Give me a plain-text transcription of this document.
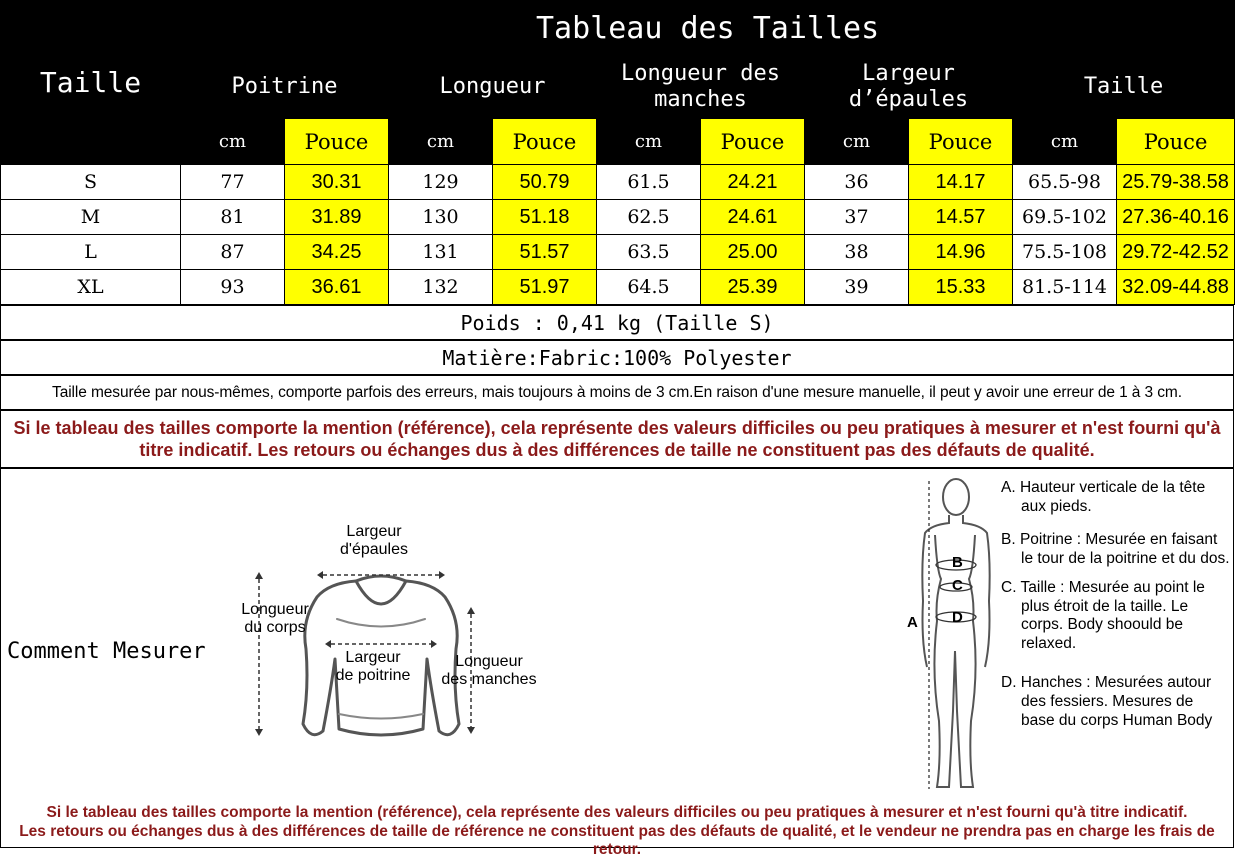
Taille	Tableau des Tailles									
	Poitrine		Longueur		Longueur des manches		Largeur d’épaules		Taille	
	cm	Pouce	cm	Pouce	cm	Pouce	cm	Pouce	cm	Pouce
S	77	30.31	129	50.79	61.5	24.21	36	14.17	65.5-98	25.79-38.58
M	81	31.89	130	51.18	62.5	24.61	37	14.57	69.5-102	27.36-40.16
L	87	34.25	131	51.57	63.5	25.00	38	14.96	75.5-108	29.72-42.52
XL	93	36.61	132	51.97	64.5	25.39	39	15.33	81.5-114	32.09-44.88
Poids : 0,41 kg (Taille S)
Matière:Fabric:100% Polyester
Taille mesurée par nous-mêmes, comporte parfois des erreurs, mais toujours à moins de 3 cm.En raison d'une mesure manuelle, il peut y avoir une erreur de 1 à 3 cm.
Si le tableau des tailles comporte la mention (référence), cela représente des valeurs difficiles ou peu pratiques à mesurer et n'est fourni qu'à titre indicatif. Les retours ou échanges dus à des différences de taille ne constituent pas des défauts de qualité.
Comment Mesurer
Largeur
d'épaules
Longueur
du corps
Largeur
de poitrine
Longueur
des manches
A
B
C
D
A. Hauteur verticale de la tête aux pieds.
B. Poitrine : Mesurée en faisant le tour de la poitrine et du dos.
C. Taille : Mesurée au point le plus étroit de la taille. Le corps. Body shoould be relaxed.
D. Hanches : Mesurées autour des fessiers. Mesures de base du corps Human Body
Si le tableau des tailles comporte la mention (référence), cela représente des valeurs difficiles ou peu pratiques à mesurer et n'est fourni qu'à titre indicatif.
Les retours ou échanges dus à des différences de taille de référence ne constituent pas des défauts de qualité, et le vendeur ne prendra pas en charge les frais de retour.
